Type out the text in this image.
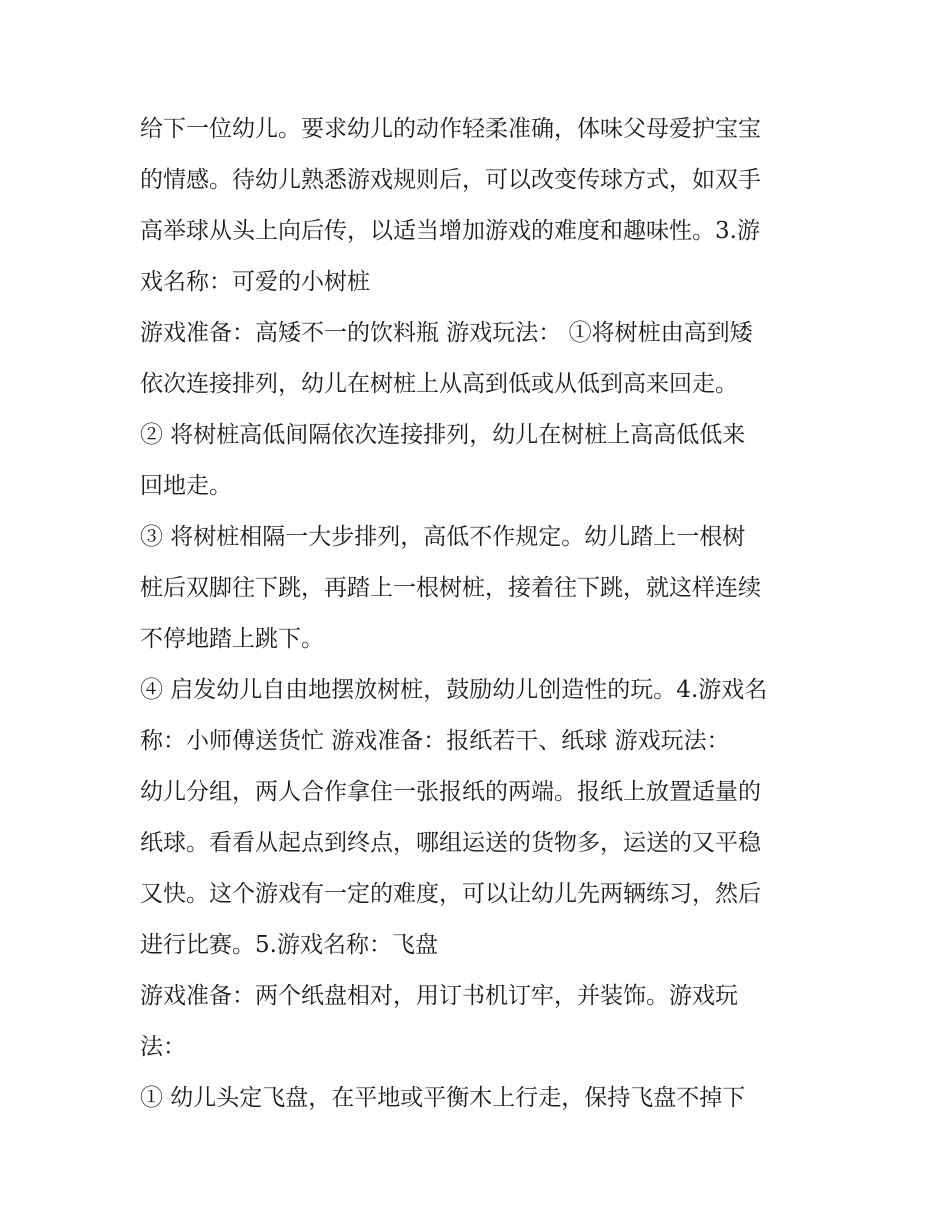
给下一位幼儿。要求幼儿的动作轻柔准确，体味父母爱护宝宝
的情感。待幼儿熟悉游戏规则后，可以改变传球方式，如双手
高举球从头上向后传，以适当增加游戏的难度和趣味性。3.游
戏名称：可爱的小树桩
游戏准备：高矮不一的饮料瓶 游戏玩法： ①将树桩由高到矮
依次连接排列，幼儿在树桩上从高到低或从低到高来回走。
② 将树桩高低间隔依次连接排列，幼儿在树桩上高高低低来
回地走。
③ 将树桩相隔一大步排列，高低不作规定。幼儿踏上一根树
桩后双脚往下跳，再踏上一根树桩，接着往下跳，就这样连续
不停地踏上跳下。
④ 启发幼儿自由地摆放树桩，鼓励幼儿创造性的玩。4.游戏名
称：小师傅送货忙 游戏准备：报纸若干、纸球 游戏玩法：
幼儿分组，两人合作拿住一张报纸的两端。报纸上放置适量的
纸球。看看从起点到终点，哪组运送的货物多，运送的又平稳
又快。这个游戏有一定的难度，可以让幼儿先两辆练习，然后
进行比赛。5.游戏名称：飞盘
游戏准备：两个纸盘相对，用订书机订牢，并装饰。游戏玩
法：
① 幼儿头定飞盘，在平地或平衡木上行走，保持飞盘不掉下
